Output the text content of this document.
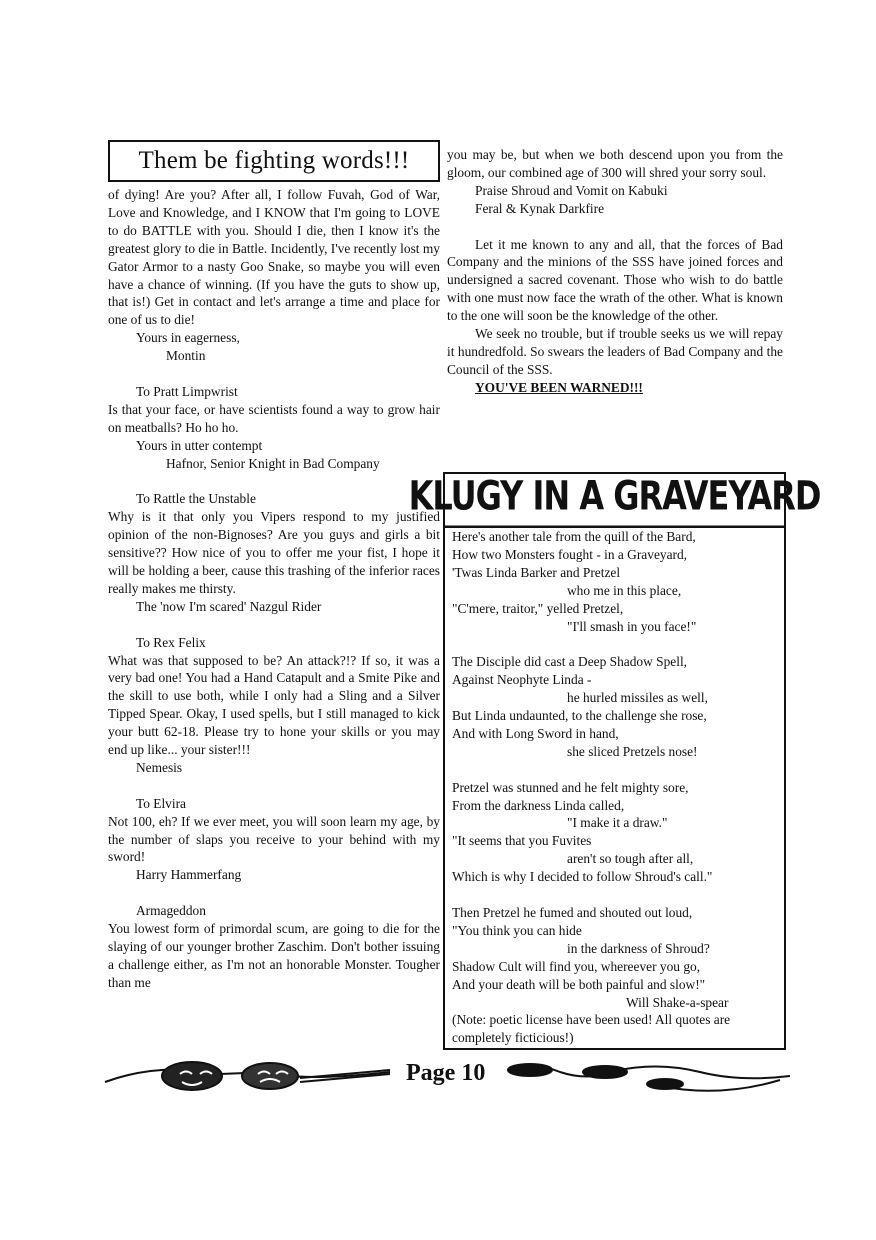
Them be fighting words!!!

of dying! Are you? After all, I follow Fuvah, God of War, Love and Knowledge, and I KNOW that I'm going to LOVE to do BATTLE with you. Should I die, then I know it's the greatest glory to die in Battle. Incidently, I've recently lost my Gator Armor to a nasty Goo Snake, so maybe you will even have a chance of winning. (If you have the guts to show up, that is!) Get in contact and let's arrange a time and place for one of us to die!

Yours in eagerness,

Montin

To Pratt Limpwrist

Is that your face, or have scientists found a way to grow hair on meatballs? Ho ho ho.

Yours in utter contempt

Hafnor, Senior Knight in Bad Company

To Rattle the Unstable

Why is it that only you Vipers respond to my justified opinion of the non-Bignoses? Are you guys and girls a bit sensitive?? How nice of you to offer me your fist, I hope it will be holding a beer, cause this trashing of the inferior races really makes me thirsty.

The 'now I'm scared' Nazgul Rider

To Rex Felix

What was that supposed to be? An attack?!? If so, it was a very bad one! You had a Hand Catapult and a Smite Pike and the skill to use both, while I only had a Sling and a Silver Tipped Spear. Okay, I used spells, but I still managed to kick your butt 62-18. Please try to hone your skills or you may end up like... your sister!!!

Nemesis

To Elvira

Not 100, eh? If we ever meet, you will soon learn my age, by the number of slaps you receive to your behind with my sword!

Harry Hammerfang

Armageddon

You lowest form of primordal scum, are going to die for the slaying of our younger brother Zaschim. Don't bother issuing a challenge either, as I'm not an honorable Monster. Tougher than me

you may be, but when we both descend upon you from the gloom, our combined age of 300 will shred your sorry soul.

Praise Shroud and Vomit on Kabuki

Feral & Kynak Darkfire

Let it me known to any and all, that the forces of Bad Company and the minions of the SSS have joined forces and undersigned a sacred covenant. Those who wish to do battle with one must now face the wrath of the other. What is known to the one will soon be the knowledge of the other.

We seek no trouble, but if trouble seeks us we will repay it hundredfold. So swears the leaders of Bad Company and the Council of the SSS.

YOU'VE BEEN WARNED!!!

KLUGY IN A GRAVEYARD

Here's another tale from the quill of the Bard,

How two Monsters fought - in a Graveyard,

'Twas Linda Barker and Pretzel

who me in this place,

"C'mere, traitor," yelled Pretzel,

"I'll smash in you face!"

The Disciple did cast a Deep Shadow Spell,

Against Neophyte Linda -

he hurled missiles as well,

But Linda undaunted, to the challenge she rose,

And with Long Sword in hand,

she sliced Pretzels nose!

Pretzel was stunned and he felt mighty sore,

From the darkness Linda called,

"I make it a draw."

"It seems that you Fuvites

aren't so tough after all,

Which is why I decided to follow Shroud's call."

Then Pretzel he fumed and shouted out loud,

"You think you can hide

in the darkness of Shroud?

Shadow Cult will find you, whereever you go,

And your death will be both painful and slow!"

Will Shake-a-spear

(Note: poetic license have been used! All quotes are completely ficticious!)

Page 10
